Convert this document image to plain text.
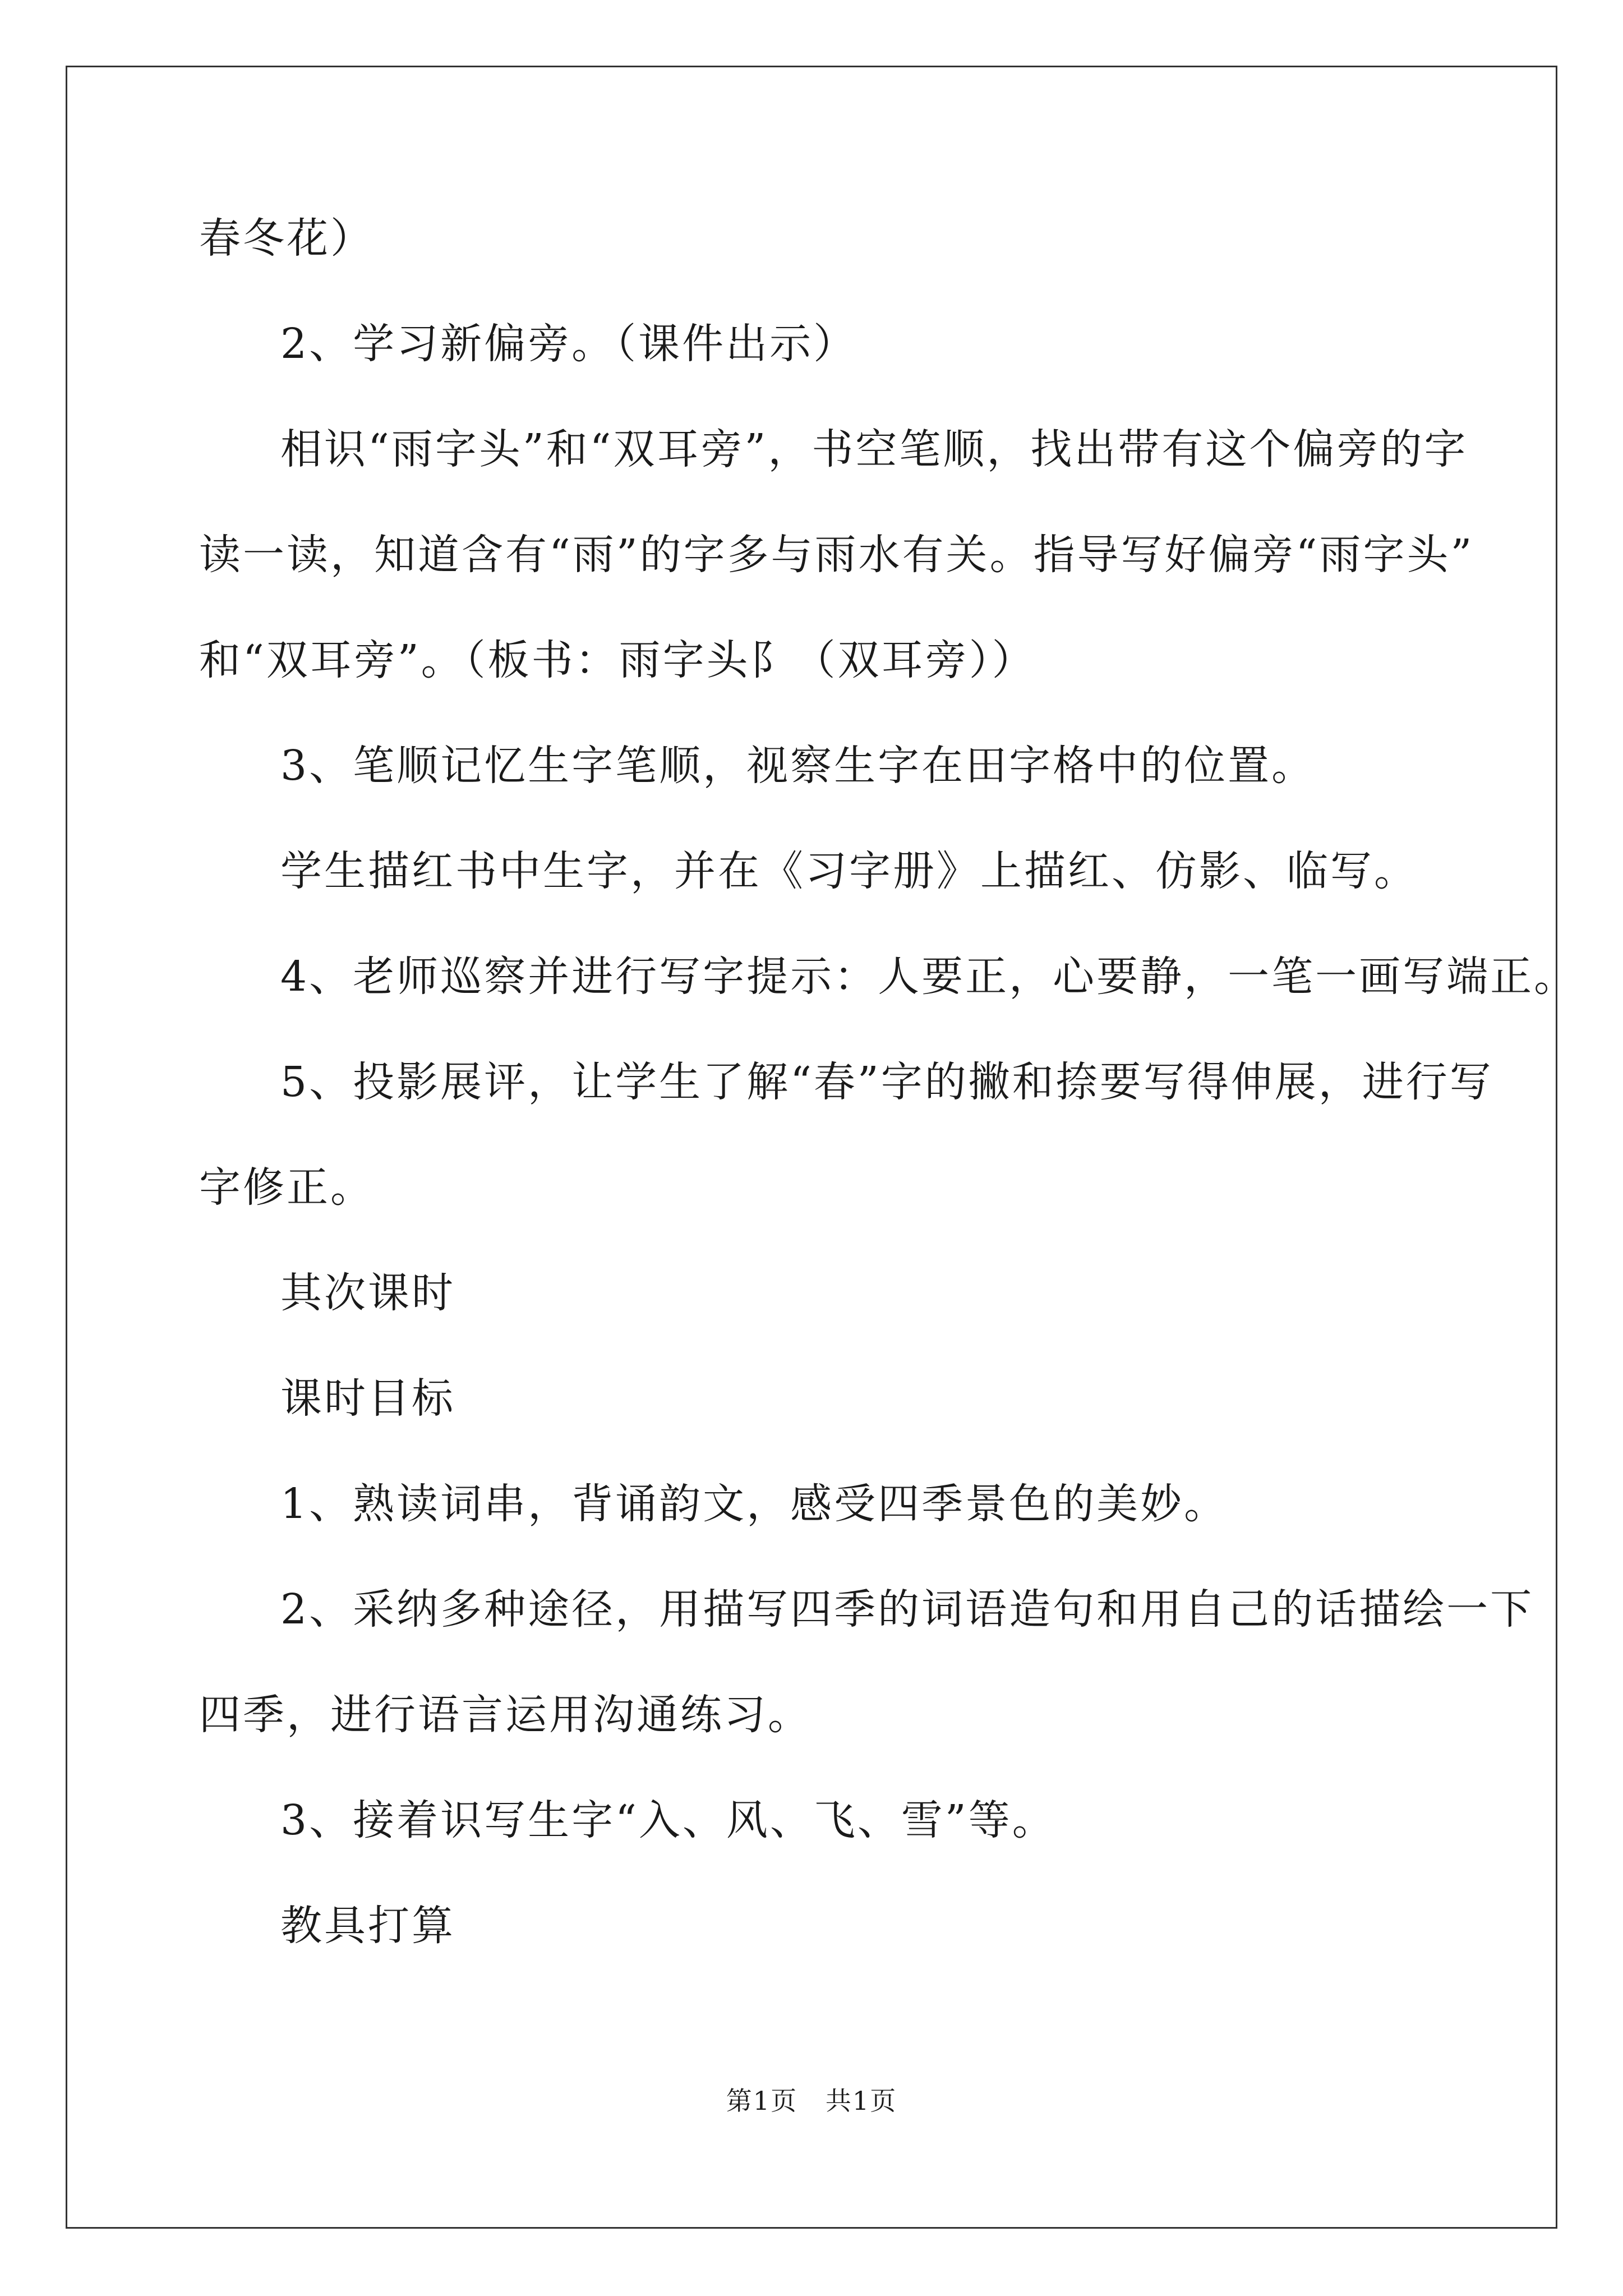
春冬花）
2、学习新偏旁。（课件出示）
相识“雨字头”和“双耳旁”，书空笔顺，找出带有这个偏旁的字
读一读，知道含有“雨”的字多与雨水有关。指导写好偏旁“雨字头”
和“双耳旁”。（板书：雨字头阝（双耳旁））
3、笔顺记忆生字笔顺，视察生字在田字格中的位置。
学生描红书中生字，并在《习字册》上描红、仿影、临写。
4、老师巡察并进行写字提示：人要正，心要静，一笔一画写端正。
5、投影展评，让学生了解“春”字的撇和捺要写得伸展，进行写
字修正。
其次课时
课时目标
1、熟读词串，背诵韵文，感受四季景色的美妙。
2、采纳多种途径，用描写四季的词语造句和用自己的话描绘一下
四季，进行语言运用沟通练习。
3、接着识写生字“入、风、飞、雪”等。
教具打算
第1页   共1页
